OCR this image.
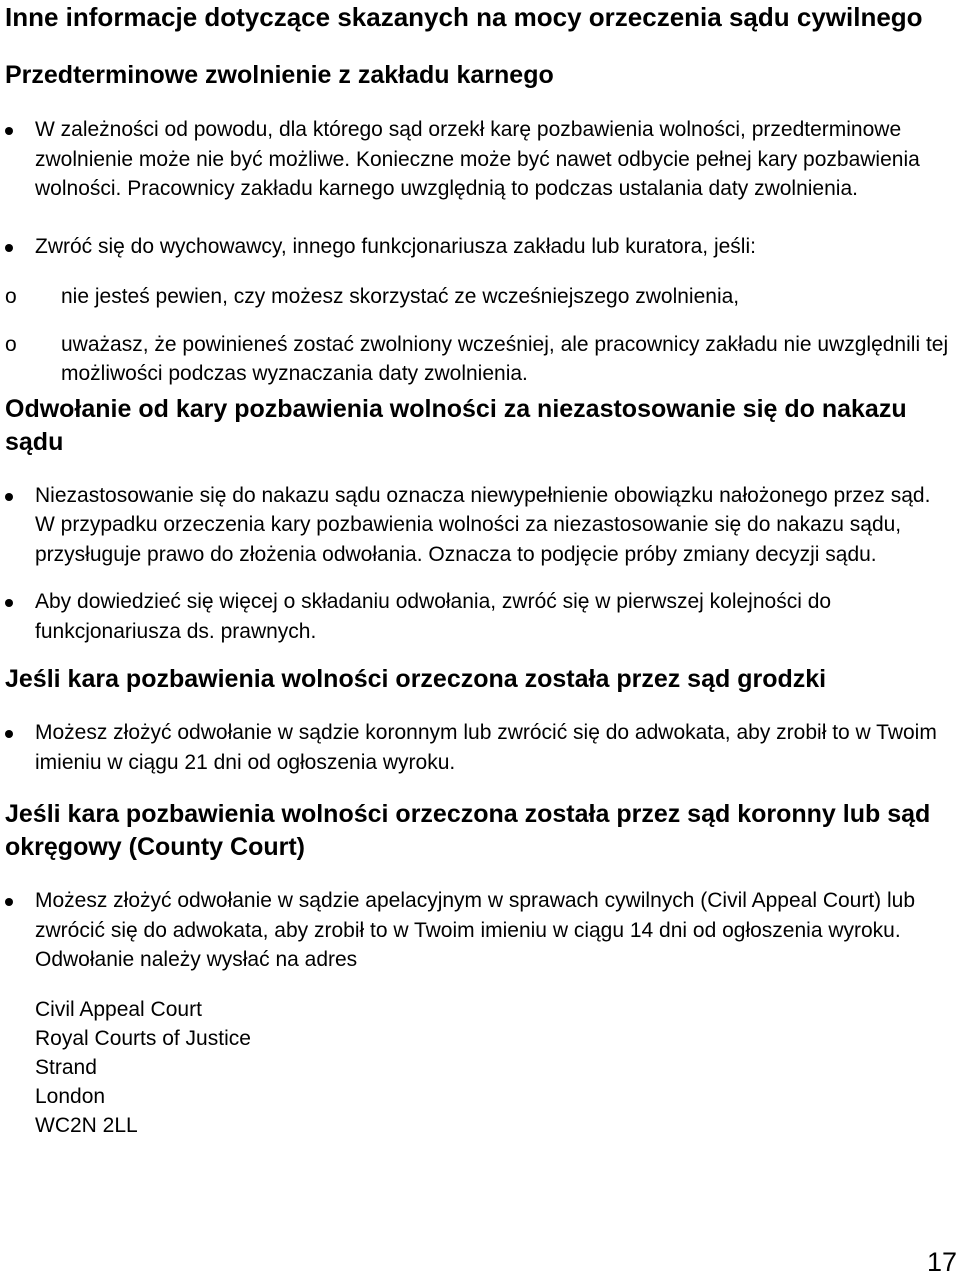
Inne informacje dotyczące skazanych na mocy orzeczenia sądu cywilnego
Przedterminowe zwolnienie z zakładu karnego
W zależności od powodu, dla którego sąd orzekł karę pozbawienia wolności, przedterminowe zwolnienie może nie być możliwe. Konieczne może być nawet odbycie pełnej kary pozbawienia wolności. Pracownicy zakładu karnego uwzględnią to podczas ustalania daty zwolnienia.
Zwróć się do wychowawcy, innego funkcjonariusza zakładu lub kuratora, jeśli:
o	nie jesteś pewien, czy możesz skorzystać ze wcześniejszego zwolnienia,
o	uważasz, że powinieneś zostać zwolniony wcześniej, ale pracownicy zakładu nie uwzględnili tej możliwości podczas wyznaczania daty zwolnienia.
Odwołanie od kary pozbawienia wolności za niezastosowanie się do nakazu sądu
Niezastosowanie się do nakazu sądu oznacza niewypełnienie obowiązku nałożonego przez sąd. W przypadku orzeczenia kary pozbawienia wolności za niezastosowanie się do nakazu sądu, przysługuje prawo do złożenia odwołania. Oznacza to podjęcie próby zmiany decyzji sądu.
Aby dowiedzieć się więcej o składaniu odwołania, zwróć się w pierwszej kolejności do funkcjonariusza ds. prawnych.
Jeśli kara pozbawienia wolności orzeczona została przez sąd grodzki
Możesz złożyć odwołanie w sądzie koronnym lub zwrócić się do adwokata, aby zrobił to w Twoim imieniu w ciągu 21 dni od ogłoszenia wyroku.
Jeśli kara pozbawienia wolności orzeczona została przez sąd koronny lub sąd okręgowy (County Court)
Możesz złożyć odwołanie w sądzie apelacyjnym w sprawach cywilnych (Civil Appeal Court) lub zwrócić się do adwokata, aby zrobił to w Twoim imieniu w ciągu 14 dni od ogłoszenia wyroku. Odwołanie należy wysłać na adres
Civil Appeal Court
Royal Courts of Justice
Strand
London
WC2N 2LL
17
